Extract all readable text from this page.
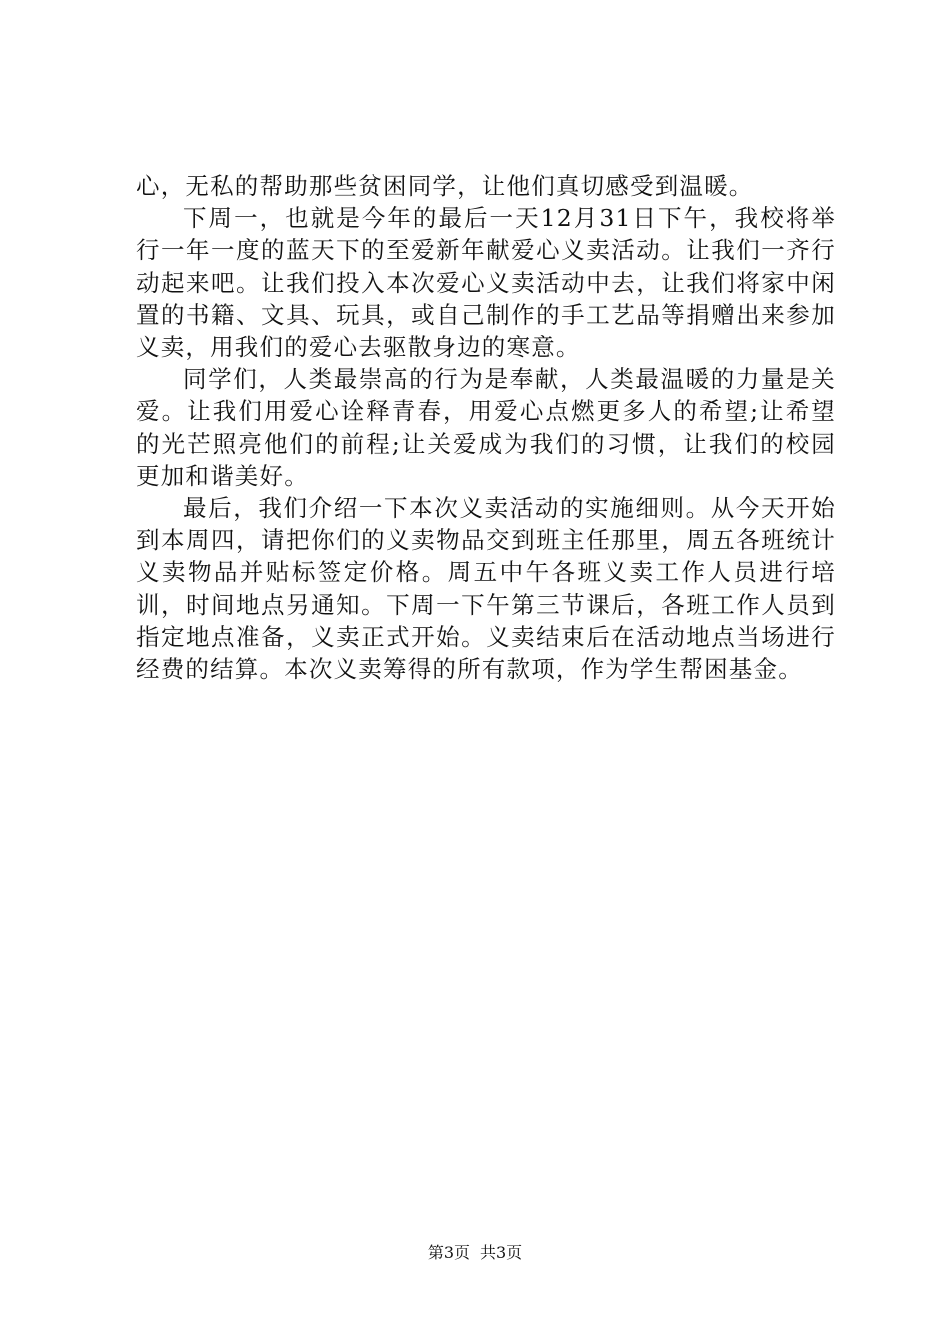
心，无私的帮助那些贫困同学，让他们真切感受到温暖。

下周一，也就是今年的最后一天12月31日下午，我校将举行一年一度的蓝天下的至爱新年献爱心义卖活动。让我们一齐行动起来吧。让我们投入本次爱心义卖活动中去，让我们将家中闲置的书籍、文具、玩具，或自己制作的手工艺品等捐赠出来参加义卖，用我们的爱心去驱散身边的寒意。

同学们，人类最崇高的行为是奉献，人类最温暖的力量是关爱。让我们用爱心诠释青春，用爱心点燃更多人的希望;让希望的光芒照亮他们的前程;让关爱成为我们的习惯，让我们的校园更加和谐美好。

最后，我们介绍一下本次义卖活动的实施细则。从今天开始到本周四，请把你们的义卖物品交到班主任那里，周五各班统计义卖物品并贴标签定价格。周五中午各班义卖工作人员进行培训，时间地点另通知。下周一下午第三节课后，各班工作人员到指定地点准备，义卖正式开始。义卖结束后在活动地点当场进行经费的结算。本次义卖筹得的所有款项，作为学生帮困基金。

第3页 共3页
